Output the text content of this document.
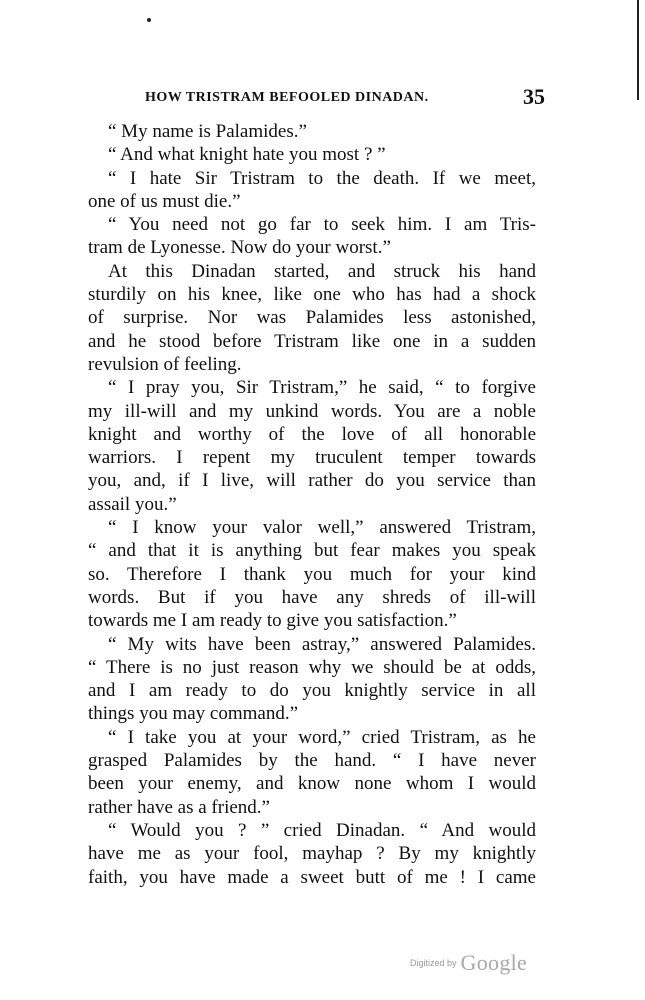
HOW TRISTRAM BEFOOLED DINADAN.	35
“ My name is Palamides.”
“ And what knight hate you most ? ”
“ I hate Sir Tristram to the death. If we meet,
one of us must die.”
“ You need not go far to seek him. I am Tris-
tram de Lyonesse. Now do your worst.”
At this Dinadan started, and struck his hand
sturdily on his knee, like one who has had a shock
of surprise. Nor was Palamides less astonished,
and he stood before Tristram like one in a sudden
revulsion of feeling.
“ I pray you, Sir Tristram,” he said, “ to forgive
my ill-will and my unkind words. You are a noble
knight and worthy of the love of all honorable
warriors. I repent my truculent temper towards
you, and, if I live, will rather do you service than
assail you.”
“ I know your valor well,” answered Tristram,
“ and that it is anything but fear makes you speak
so. Therefore I thank you much for your kind
words. But if you have any shreds of ill-will
towards me I am ready to give you satisfaction.”
“ My wits have been astray,” answered Palamides.
“ There is no just reason why we should be at odds,
and I am ready to do you knightly service in all
things you may command.”
“ I take you at your word,” cried Tristram, as he
grasped Palamides by the hand. “ I have never
been your enemy, and know none whom I would
rather have as a friend.”
“ Would you ? ” cried Dinadan. “ And would
have me as your fool, mayhap ? By my knightly
faith, you have made a sweet butt of me ! I came
Digitized by Google
